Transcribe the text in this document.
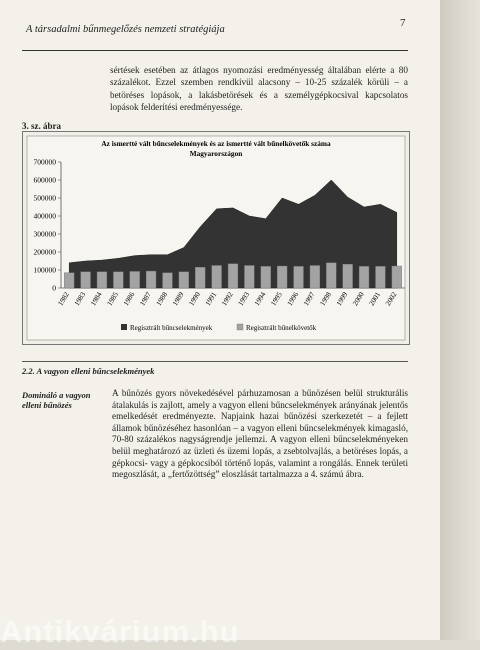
A társadalmi bűnmegelőzés nemzeti stratégiája
7
sértések esetében az átlagos nyomozási eredményesség általában elérte a 80 százalékot. Ezzel szemben rendkívül alacsony – 10-25 százalék körüli – a betöréses lopások, a lakásbetörések és a személygépkocsival kapcsolatos lopások felderítési eredményessége.
3. sz. ábra
Az ismertté vált bűncselekmények és az ismertté vált bűnelkövetők száma
Magyarországon
0
100000
200000
300000
400000
500000
600000
700000
1982 1983 1984 1985 1986 1987 1988 1989 1990 1991 1992 1993 1994 1995 1996 1997 1998 1999 2000 2001 2002
Regisztrált bűncselekmények	Regisztrált bűnelkövetők
2.2. A vagyon elleni bűncselekmények
Domináló a vagyon elleni bűnözés
A bűnözés gyors növekedésével párhuzamosan a bűnözésen belül strukturális átalakulás is zajlott, amely a vagyon elleni bűncselekmények arányának jelentős emelkedését eredményezte. Napjaink hazai bűnözési szerkezetét – a fejlett államok bűnözéséhez hasonlóan – a vagyon elleni bűncselekmények kimagasló, 70-80 százalékos nagyságrendje jellemzi. A vagyon elleni bűncselekményeken belül meghatározó az üzleti és üzemi lopás, a zsebtolvajlás, a betöréses lopás, a gépkocsi- vagy a gépkocsiból történő lopás, valamint a rongálás. Ennek területi megoszlását, a „fertőzöttség” eloszlását tartalmazza a 4. számú ábra.
Antikvárium.hu
